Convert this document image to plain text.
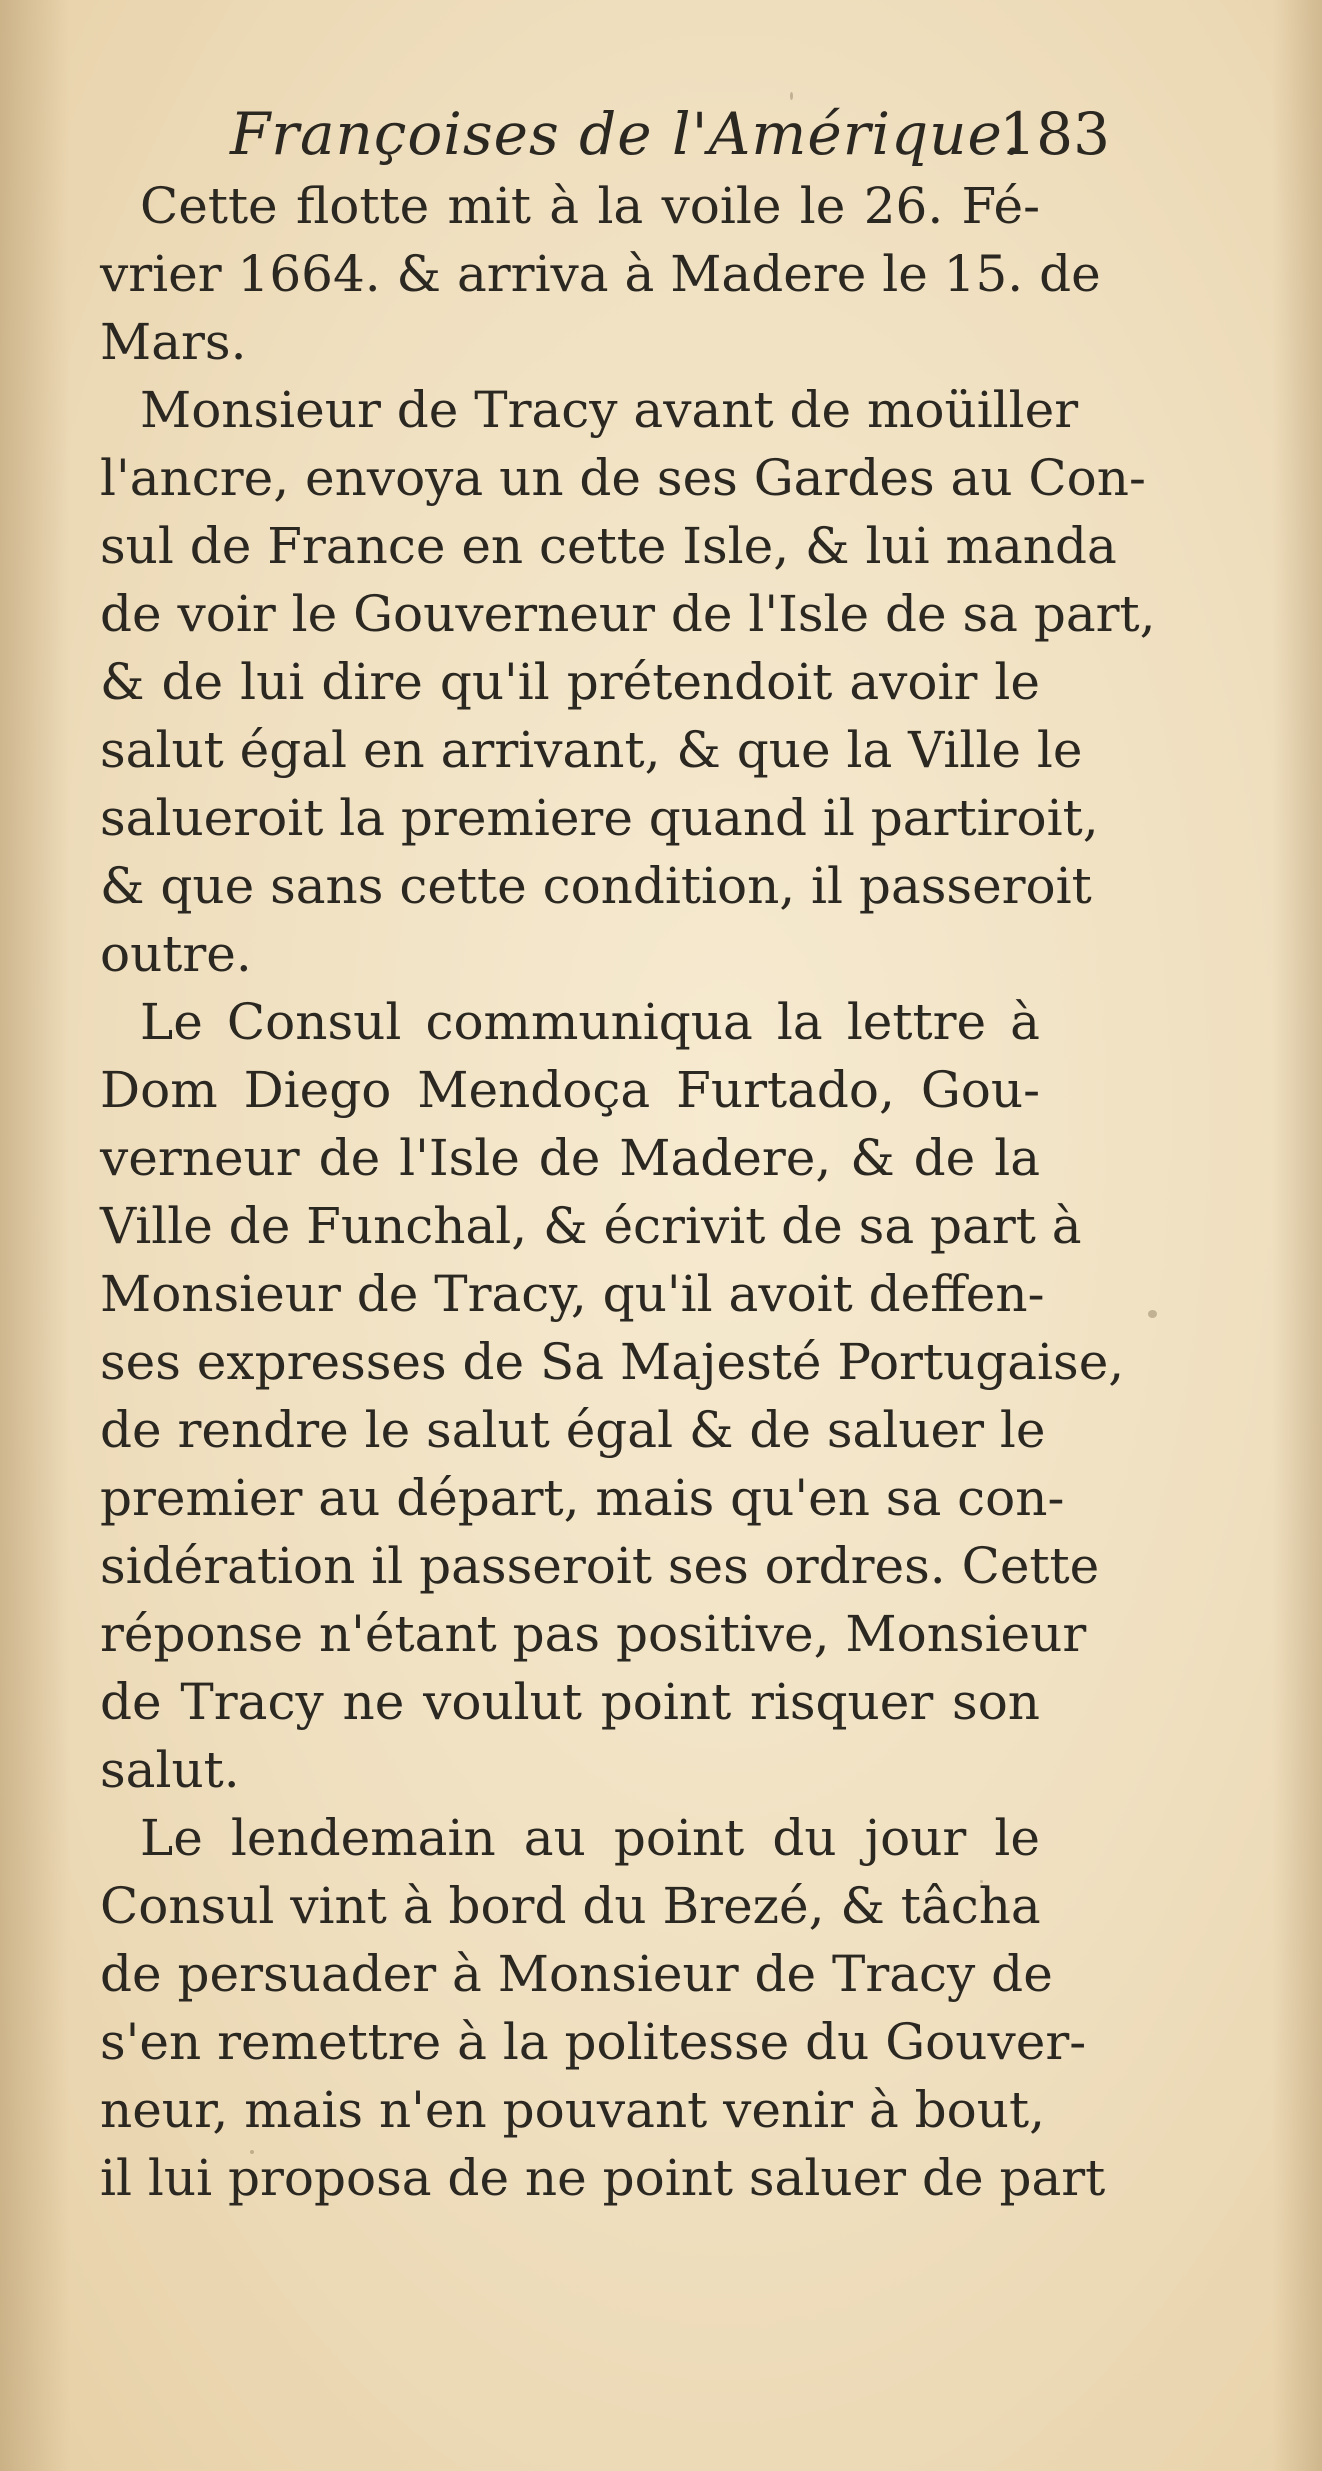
Françoises de l'Amérique.
183
Cette flotte mit à la voile le 26. Fé-
vrier 1664. & arriva à Madere le 15. de
Mars.
Monsieur de Tracy avant de moüiller
l'ancre, envoya un de ses Gardes au Con-
sul de France en cette Isle, & lui manda
de voir le Gouverneur de l'Isle de sa part,
& de lui dire qu'il prétendoit avoir le
salut égal en arrivant, & que la Ville le
salueroit la premiere quand il partiroit,
& que sans cette condition, il passeroit
outre.
Le Consul communiqua la lettre à
Dom Diego Mendoça Furtado, Gou-
verneur de l'Isle de Madere, & de la
Ville de Funchal, & écrivit de sa part à
Monsieur de Tracy, qu'il avoit deffen-
ses expresses de Sa Majesté Portugaise,
de rendre le salut égal & de saluer le
premier au départ, mais qu'en sa con-
sidération il passeroit ses ordres. Cette
réponse n'étant pas positive, Monsieur
de Tracy ne voulut point risquer son
salut.
Le lendemain au point du jour le
Consul vint à bord du Brezé, & tâcha
de persuader à Monsieur de Tracy de
s'en remettre à la politesse du Gouver-
neur, mais n'en pouvant venir à bout,
il lui proposa de ne point saluer de part
